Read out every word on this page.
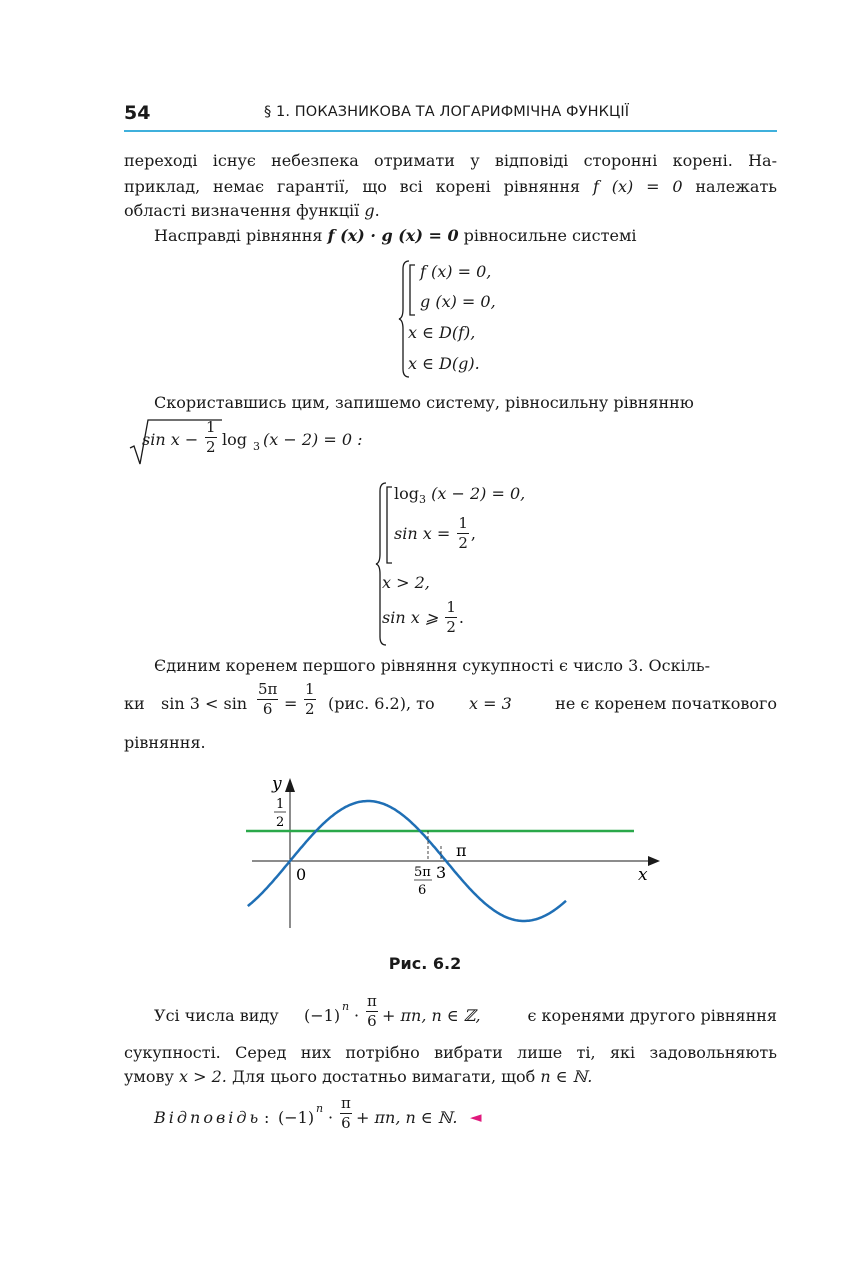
54	§ 1. ПОКАЗНИКОВА ТА ЛОГАРИФМІЧНА ФУНКЦІЇ
переході існує небезпека отримати у відповіді сторонні корені. На-
приклад, немає гарантії, що всі корені рівняння f (x) = 0 належать
області визначення функції g.
Насправді рівняння f (x) · g (x) = 0 рівносильне системі
f (x) = 0,
g (x) = 0,
x ∈ D(f),
x ∈ D(g).
Скориставшись цим, запишемо систему, рівносильну рівнянню
$\sin x - \frac{1}{2}$ log 3 (x − 2) = 0 :
$\log_3 (x - 2) = 0$,
$\sin x = \frac{1}{2}$ ,
x > 2,
sin x ⩾ $\frac{1}{2}$ .
Єдиним коренем першого рівняння сукупності є число 3. Оскіль-
ки $\sin 3 < \sin \frac{5\pi}{6} = \frac{1}{2} (рис$. 6.2), то x = 3	не є коренем початкового
рівняння.
y
x
0
1
2
5π
6
3
π
Рис. 6.2
Усі числа виду (−1) $n \cdot \frac{\pi}{6} + \pi n$, n ∈ ℤ,	є коренями другого рівняння
сукупності. Серед них потрібно вибрати лише ті, які задовольняють
умову x > 2. Для цього достатньо вимагати, щоб n ∈ ℕ.
Відповідь : (−1) $n \cdot \frac{\pi}{6} + \pi n$, n ∈ ℕ. ◄
